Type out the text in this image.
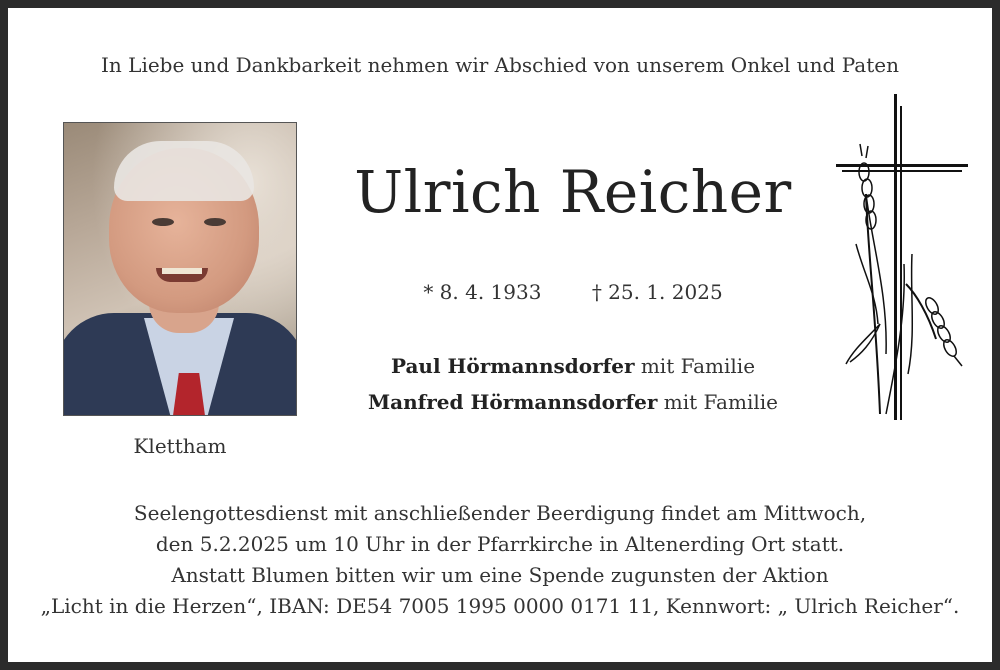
In Liebe und Dankbarkeit nehmen wir Abschied von unserem Onkel und Paten
Klettham
Ulrich Reicher
* 8. 4. 1933	† 25. 1. 2025
Paul Hörmannsdorfer mit Familie
Manfred Hörmannsdorfer mit Familie
Seelengottesdienst mit anschließender Beerdigung findet am Mittwoch,
den 5.2.2025 um 10 Uhr in der Pfarrkirche in Altenerding Ort statt.
Anstatt Blumen bitten wir um eine Spende zugunsten der Aktion
„Licht in die Herzen“, IBAN: DE54 7005 1995 0000 0171 11, Kennwort: „ Ulrich Reicher“.
